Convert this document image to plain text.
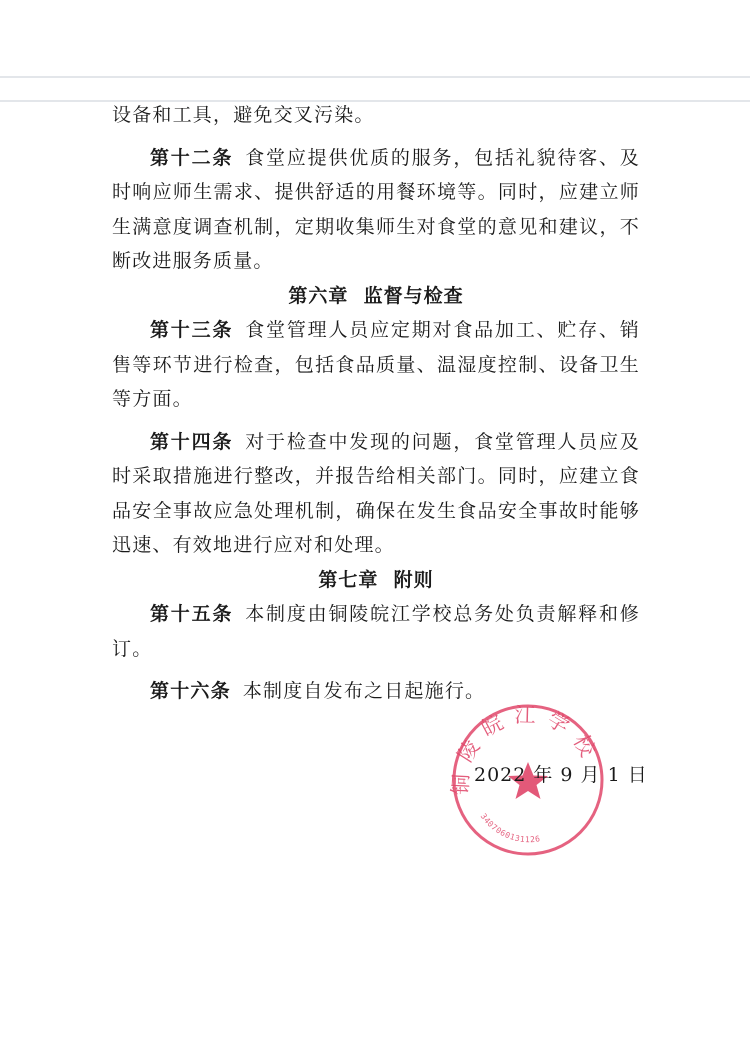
设备和工具，避免交叉污染。

第十二条 食堂应提供优质的服务，包括礼貌待客、及时响应师生需求、提供舒适的用餐环境等。同时，应建立师生满意度调查机制，定期收集师生对食堂的意见和建议，不断改进服务质量。

第六章  监督与检查

第十三条 食堂管理人员应定期对食品加工、贮存、销售等环节进行检查，包括食品质量、温湿度控制、设备卫生等方面。

第十四条 对于检查中发现的问题，食堂管理人员应及时采取措施进行整改，并报告给相关部门。同时，应建立食品安全事故应急处理机制，确保在发生食品安全事故时能够迅速、有效地进行应对和处理。

第七章  附则

第十五条 本制度由铜陵皖江学校总务处负责解释和修订。

第十六条 本制度自发布之日起施行。

铜陵皖江学校
3407060131126
2022 年 9 月 1 日
